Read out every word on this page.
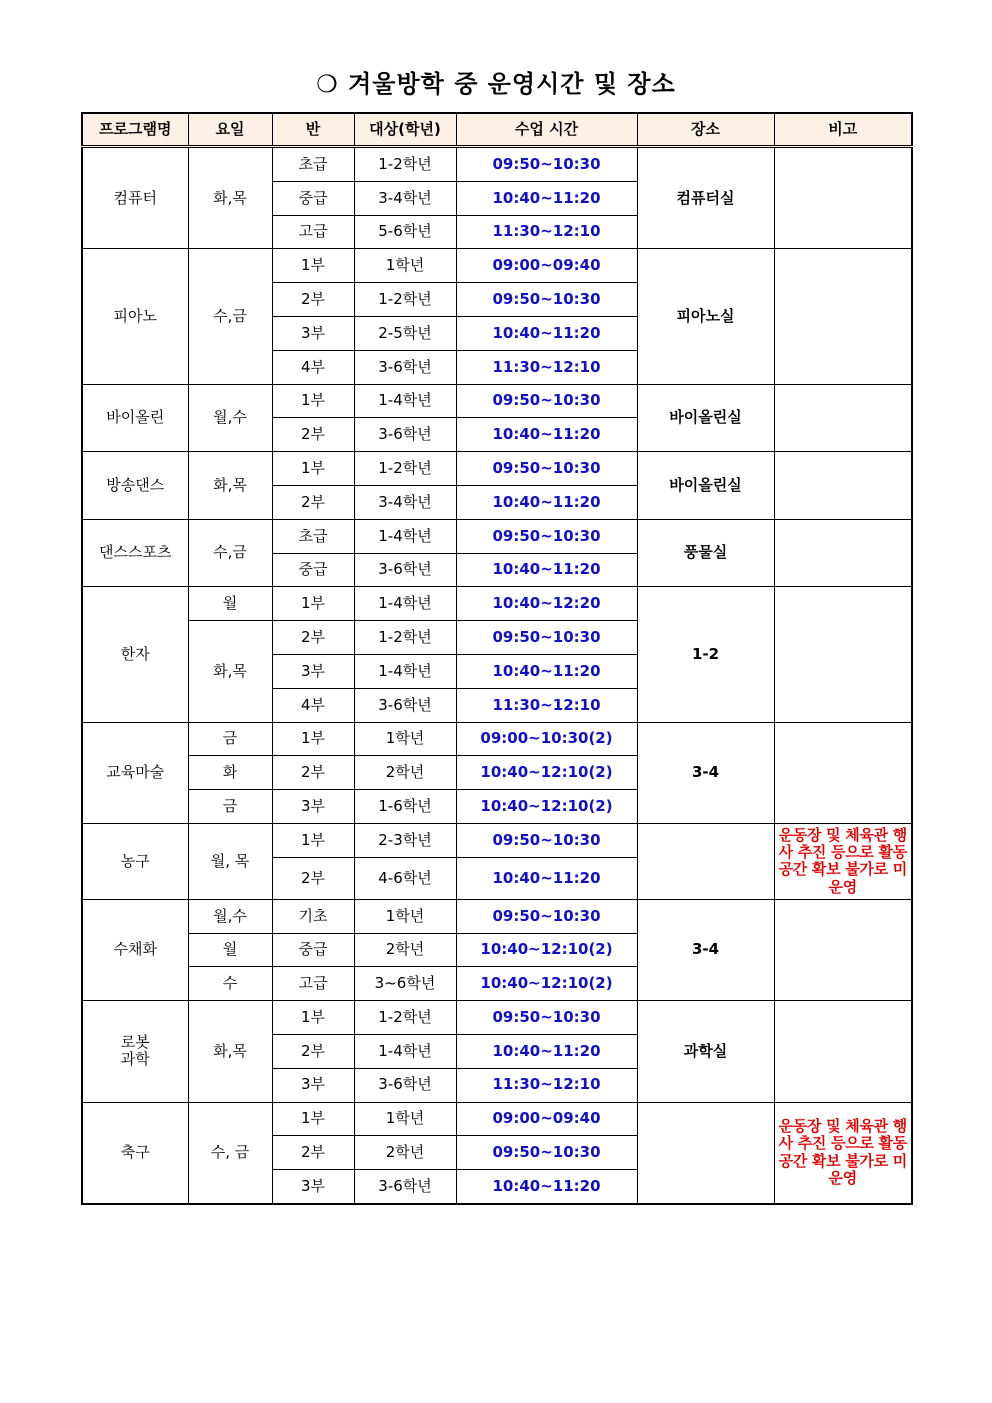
❍ 겨울방학 중 운영시간 및 장소
프로그램명	요일	반	대상(학년)	수업 시간	장소	비고
컴퓨터	화,목	초급	1-2학년	09:50~10:30	컴퓨터실	
		중급	3-4학년	10:40~11:20		
		고급	5-6학년	11:30~12:10		
피아노	수,금	1부	1학년	09:00~09:40	피아노실	
		2부	1-2학년	09:50~10:30		
		3부	2-5학년	10:40~11:20		
		4부	3-6학년	11:30~12:10		
바이올린	월,수	1부	1-4학년	09:50~10:30	바이올린실	
		2부	3-6학년	10:40~11:20		
방송댄스	화,목	1부	1-2학년	09:50~10:30	바이올린실	
		2부	3-4학년	10:40~11:20		
댄스스포츠	수,금	초급	1-4학년	09:50~10:30	풍물실	
		중급	3-6학년	10:40~11:20		
한자	월	1부	1-4학년	10:40~12:20	1-2	
	화,목	2부	1-2학년	09:50~10:30		
		3부	1-4학년	10:40~11:20		
		4부	3-6학년	11:30~12:10		
교육마술	금	1부	1학년	09:00~10:30(2)	3-4	
	화	2부	2학년	10:40~12:10(2)		
	금	3부	1-6학년	10:40~12:10(2)		
농구	월, 목	1부	2-3학년	09:50~10:30		운동장 및 체육관 행사 추진 등으로 활동공간 확보 불가로 미운영
		2부	4-6학년	10:40~11:20		
수채화	월,수	기초	1학년	09:50~10:30	3-4	
	월	중급	2학년	10:40~12:10(2)		
	수	고급	3~6학년	10:40~12:10(2)		
로봇 과학	화,목	1부	1-2학년	09:50~10:30	과학실	
		2부	1-4학년	10:40~11:20		
		3부	3-6학년	11:30~12:10		
축구	수, 금	1부	1학년	09:00~09:40		운동장 및 체육관 행사 추진 등으로 활동공간 확보 불가로 미운영
		2부	2학년	09:50~10:30		
		3부	3-6학년	10:40~11:20		
